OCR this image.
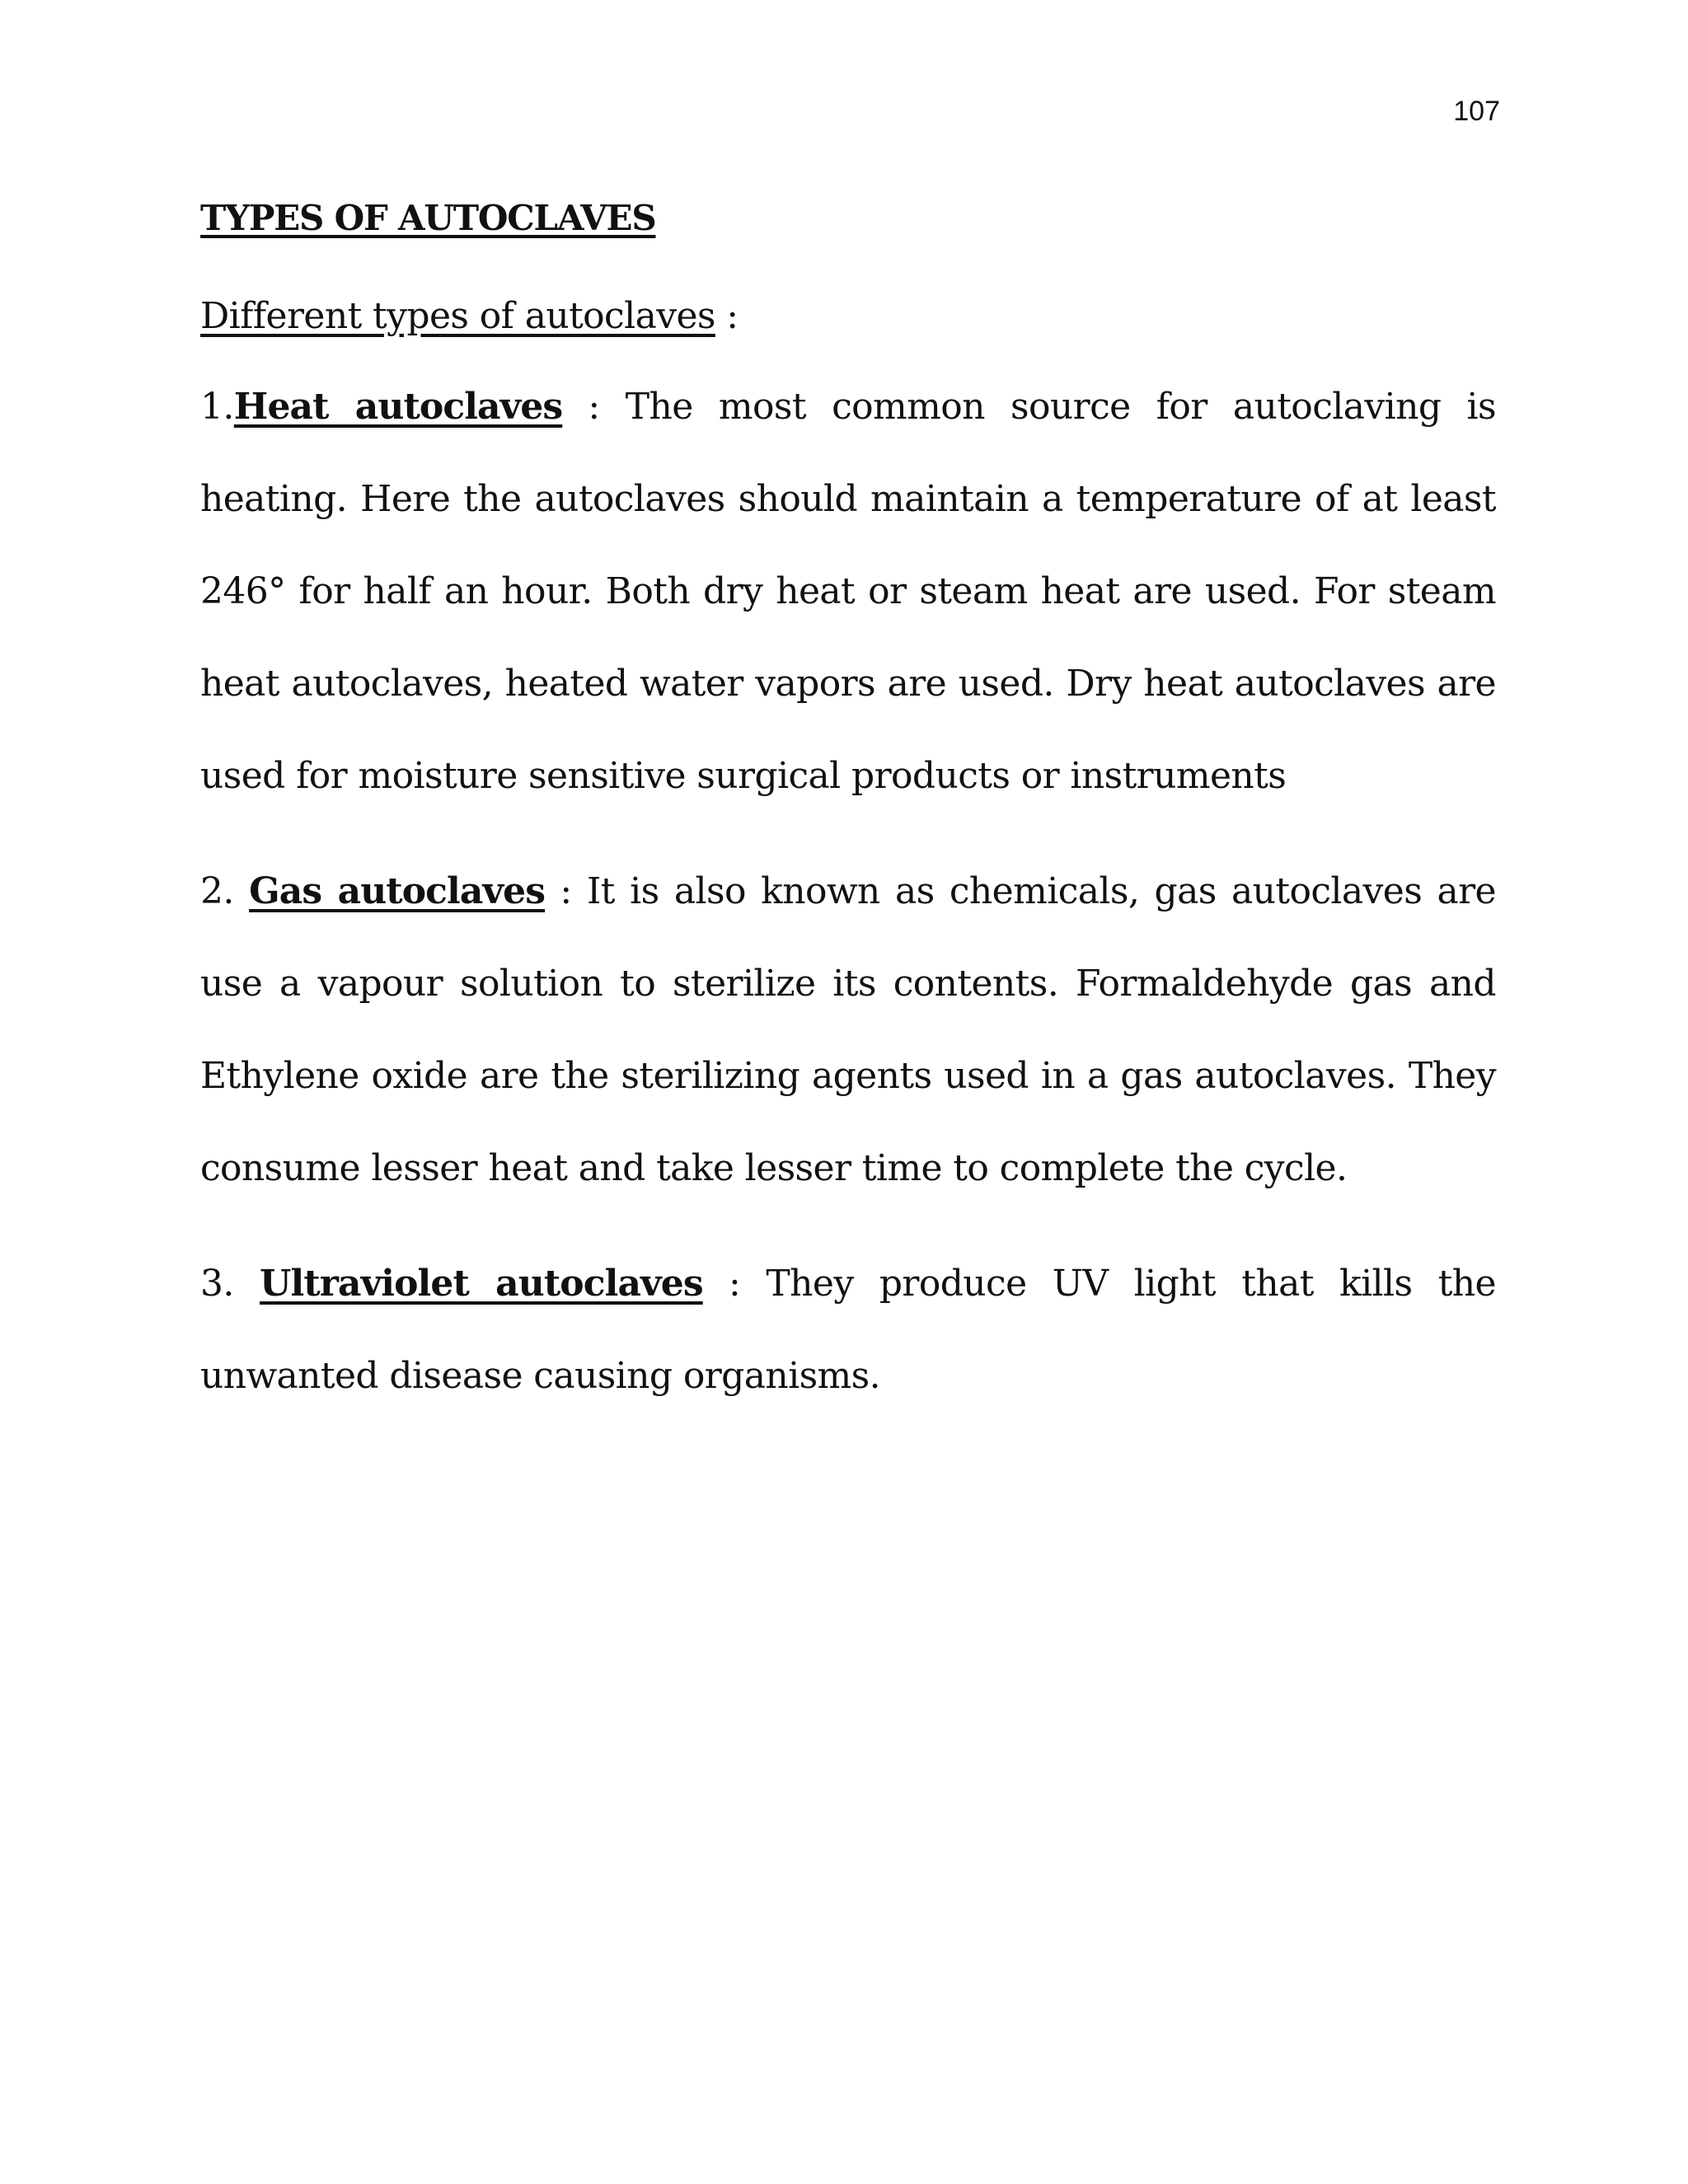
107
TYPES OF AUTOCLAVES

Different types of autoclaves :

1.Heat autoclaves : The most common source for autoclaving is heating. Here the autoclaves should maintain a temperature of at least 246° for half an hour. Both dry heat or steam heat are used. For steam heat autoclaves, heated water vapors are used. Dry heat autoclaves are used for moisture sensitive surgical products or instruments

2. Gas autoclaves : It is also known as chemicals, gas autoclaves are use a vapour solution to sterilize its contents. Formaldehyde gas and Ethylene oxide are the sterilizing agents used in a gas autoclaves. They consume lesser heat and take lesser time to complete the cycle.

3. Ultraviolet autoclaves : They produce UV light that kills the unwanted disease causing organisms.
